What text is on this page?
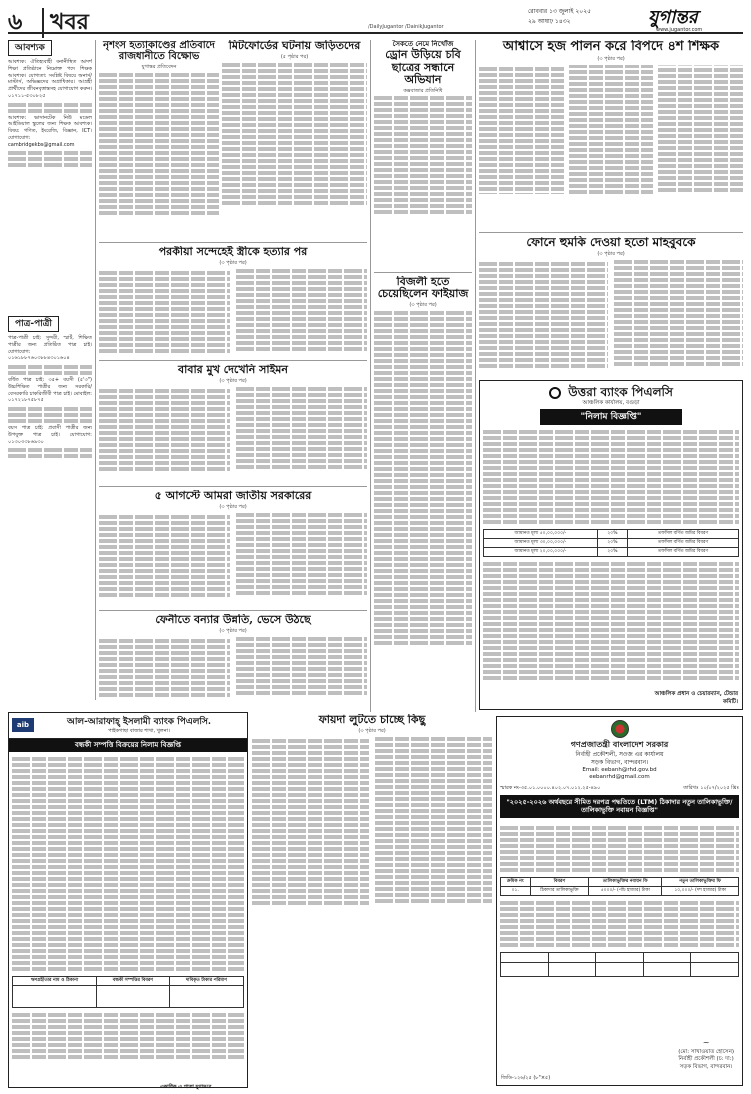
৬	খবর	/DailyJugantor /DainikJugantor
রোববার ১৩ জুলাই ২০২৫
২৯ আষাঢ় ১৪৩২	যুগান্তর
www.jugantor.com
আবশ্যক

আবশ্যক: ঐতিহ্যবাহী বনানীস্থিত আদর্শ শিক্ষা প্রতিষ্ঠানে নিম্নোক্ত পদে শিক্ষক আবশ্যক। যোগ্যতা: সংশ্লিষ্ট বিষয়ে অনার্স/মাস্টার্স, অভিজ্ঞদের অগ্রাধিকার। আগ্রহী প্রার্থীদের জীবনবৃত্তান্তসহ যোগাযোগ করুন। ০১৭১১-৫৩০৮২৫

আবশ্যক: ভাসানটেক নিউ মডেল আইডিয়াল স্কুলের জন্য শিক্ষক আবশ্যক। বিষয়: গণিত, ইংরেজি, বিজ্ঞান, ICT। যোগাযোগ: cambridgekbs@gmail.com

পাত্র-পাত্রী

পাত্র-পাত্রী চাই: সুন্দরী, স্মার্ট, শিক্ষিত পাত্রীর জন্য প্রতিষ্ঠিত পাত্র চাই। যোগাযোগ: ০১৬১৮৮৭৬০৩৮৮৪৩০১৬০৪

বর্ধিত পাত্র চাই: ৩৫+ বয়সী (৫'৩") উচ্চশিক্ষিত পাত্রীর জন্য সরকারি/বেসরকারি চাকরিজীবী পাত্র চাই। মোবাইল: ০১৭২১৮৭৫৮৭৫

বয়স পাত্র চাই: প্রবাসী পাত্রীর জন্য উপযুক্ত পাত্র চাই। যোগাযোগ: ০১৩০৩৩৮৬৯৩০

নৃশংস হত্যাকাণ্ডের প্রতিবাদে রাজধানীতে বিক্ষোভ
যুগান্তর প্রতিবেদন
মিটফোর্ডের ঘটনায় জড়িতদের
(৫ পৃষ্ঠার পর)
পরকীয়া সন্দেহেই স্ত্রীকে হত্যার পর
(৩ পৃষ্ঠার পর)
বাবার মুখ দেখেনি সাইমন
(৩ পৃষ্ঠার পর)
৫ আগস্টে আমরা জাতীয় সরকারের
(৩ পৃষ্ঠার পর)
ফেনীতে বন্যার উন্নতি, ভেসে উঠছে
(৩ পৃষ্ঠার পর)
aib	আল-আরাফাহ্ ইসলামী ব্যাংক পিএলসি.
পাইকগাছা বাজার শাখা, খুলনা।
বন্ধকী সম্পত্তি বিক্রয়ের নিলাম বিজ্ঞপ্তি
ঋণগ্রহীতার নাম ও ঠিকানা	বন্ধকী সম্পত্তির বিবরণ	দাবিকৃত টাকার পরিমাণ

ফায়দা লুটতে চাচ্ছে কিছু
(৩ পৃষ্ঠার পর)
সৈকতে নেমে নিখোঁজ
ড্রোন উড়িয়ে চবি ছাত্রের সন্ধানে অভিযান
কক্সবাজার প্রতিনিধি
বিজলী হতে চেয়েছিলেন ফাইয়াজ
(৩ পৃষ্ঠার পর)
আশ্বাসে হজ পালন করে বিপদে ৪শ শিক্ষক
(৩ পৃষ্ঠার পর)
ফোনে হুমকি দেওয়া হতো মাহবুবকে
(৩ পৃষ্ঠার পর)
উত্তরা ব্যাংক পিএলসি
আঞ্চলিক কার্যালয়, বগুড়া
"নিলাম বিজ্ঞপ্তি"
জামানত মূল্য ৫০,০০,০০০/-	২০%	তফসিল বর্ণিত জমির বিবরণ
জামানত মূল্য ৩০,০০,০০০/-	২০%	তফসিল বর্ণিত জমির বিবরণ
জামানত মূল্য ২০,০০,০০০/-	২০%	তফসিল বর্ণিত জমির বিবরণ
আঞ্চলিক প্রধান ও চেয়ারম্যান, টেন্ডার কমিটি।
গণপ্রজাতন্ত্রী বাংলাদেশ সরকার
নির্বাহী প্রকৌশলী, সওজ এর কার্যালয়
সড়ক বিভাগ, বান্দরবান।
Email: eebanh@rhd.gov.bd
eebanrhd@gmail.com
স্মারক নং-৩৫.০১.০০০০.৪০২.০৭.০১২.২৫-৪৯০	তারিখঃ ১০/০৭/২০২৫ খ্রিঃ
"২০২৫-২০২৬ অর্থবছরে সীমিত দরপত্র পদ্ধতিতে (LTM) ঠিকাদার নতুন তালিকাভুক্তি/তালিকাভুক্তি নবায়ন বিজ্ঞপ্তি"
ক্রমিক নং	বিবরণ	তালিকাভুক্তির নবায়ন ফি	নতুন তালিকাভুক্তির ফি
০১.	ঠিকাদার তালিকাভুক্তি	৫০০০/- (পাঁচ হাজার) টাকা	১০,০০০/- (দশ হাজার) টাকা

~
(মো: সাখাওয়াত হোসেন)
নির্বাহী প্রকৌশলী (চ: দা:)
সড়ক বিভাগ, বান্দরবান।
জিডি-১২৬/২৫ (৮"×৫)
একাধিক এ পাতা যুগান্তরে
